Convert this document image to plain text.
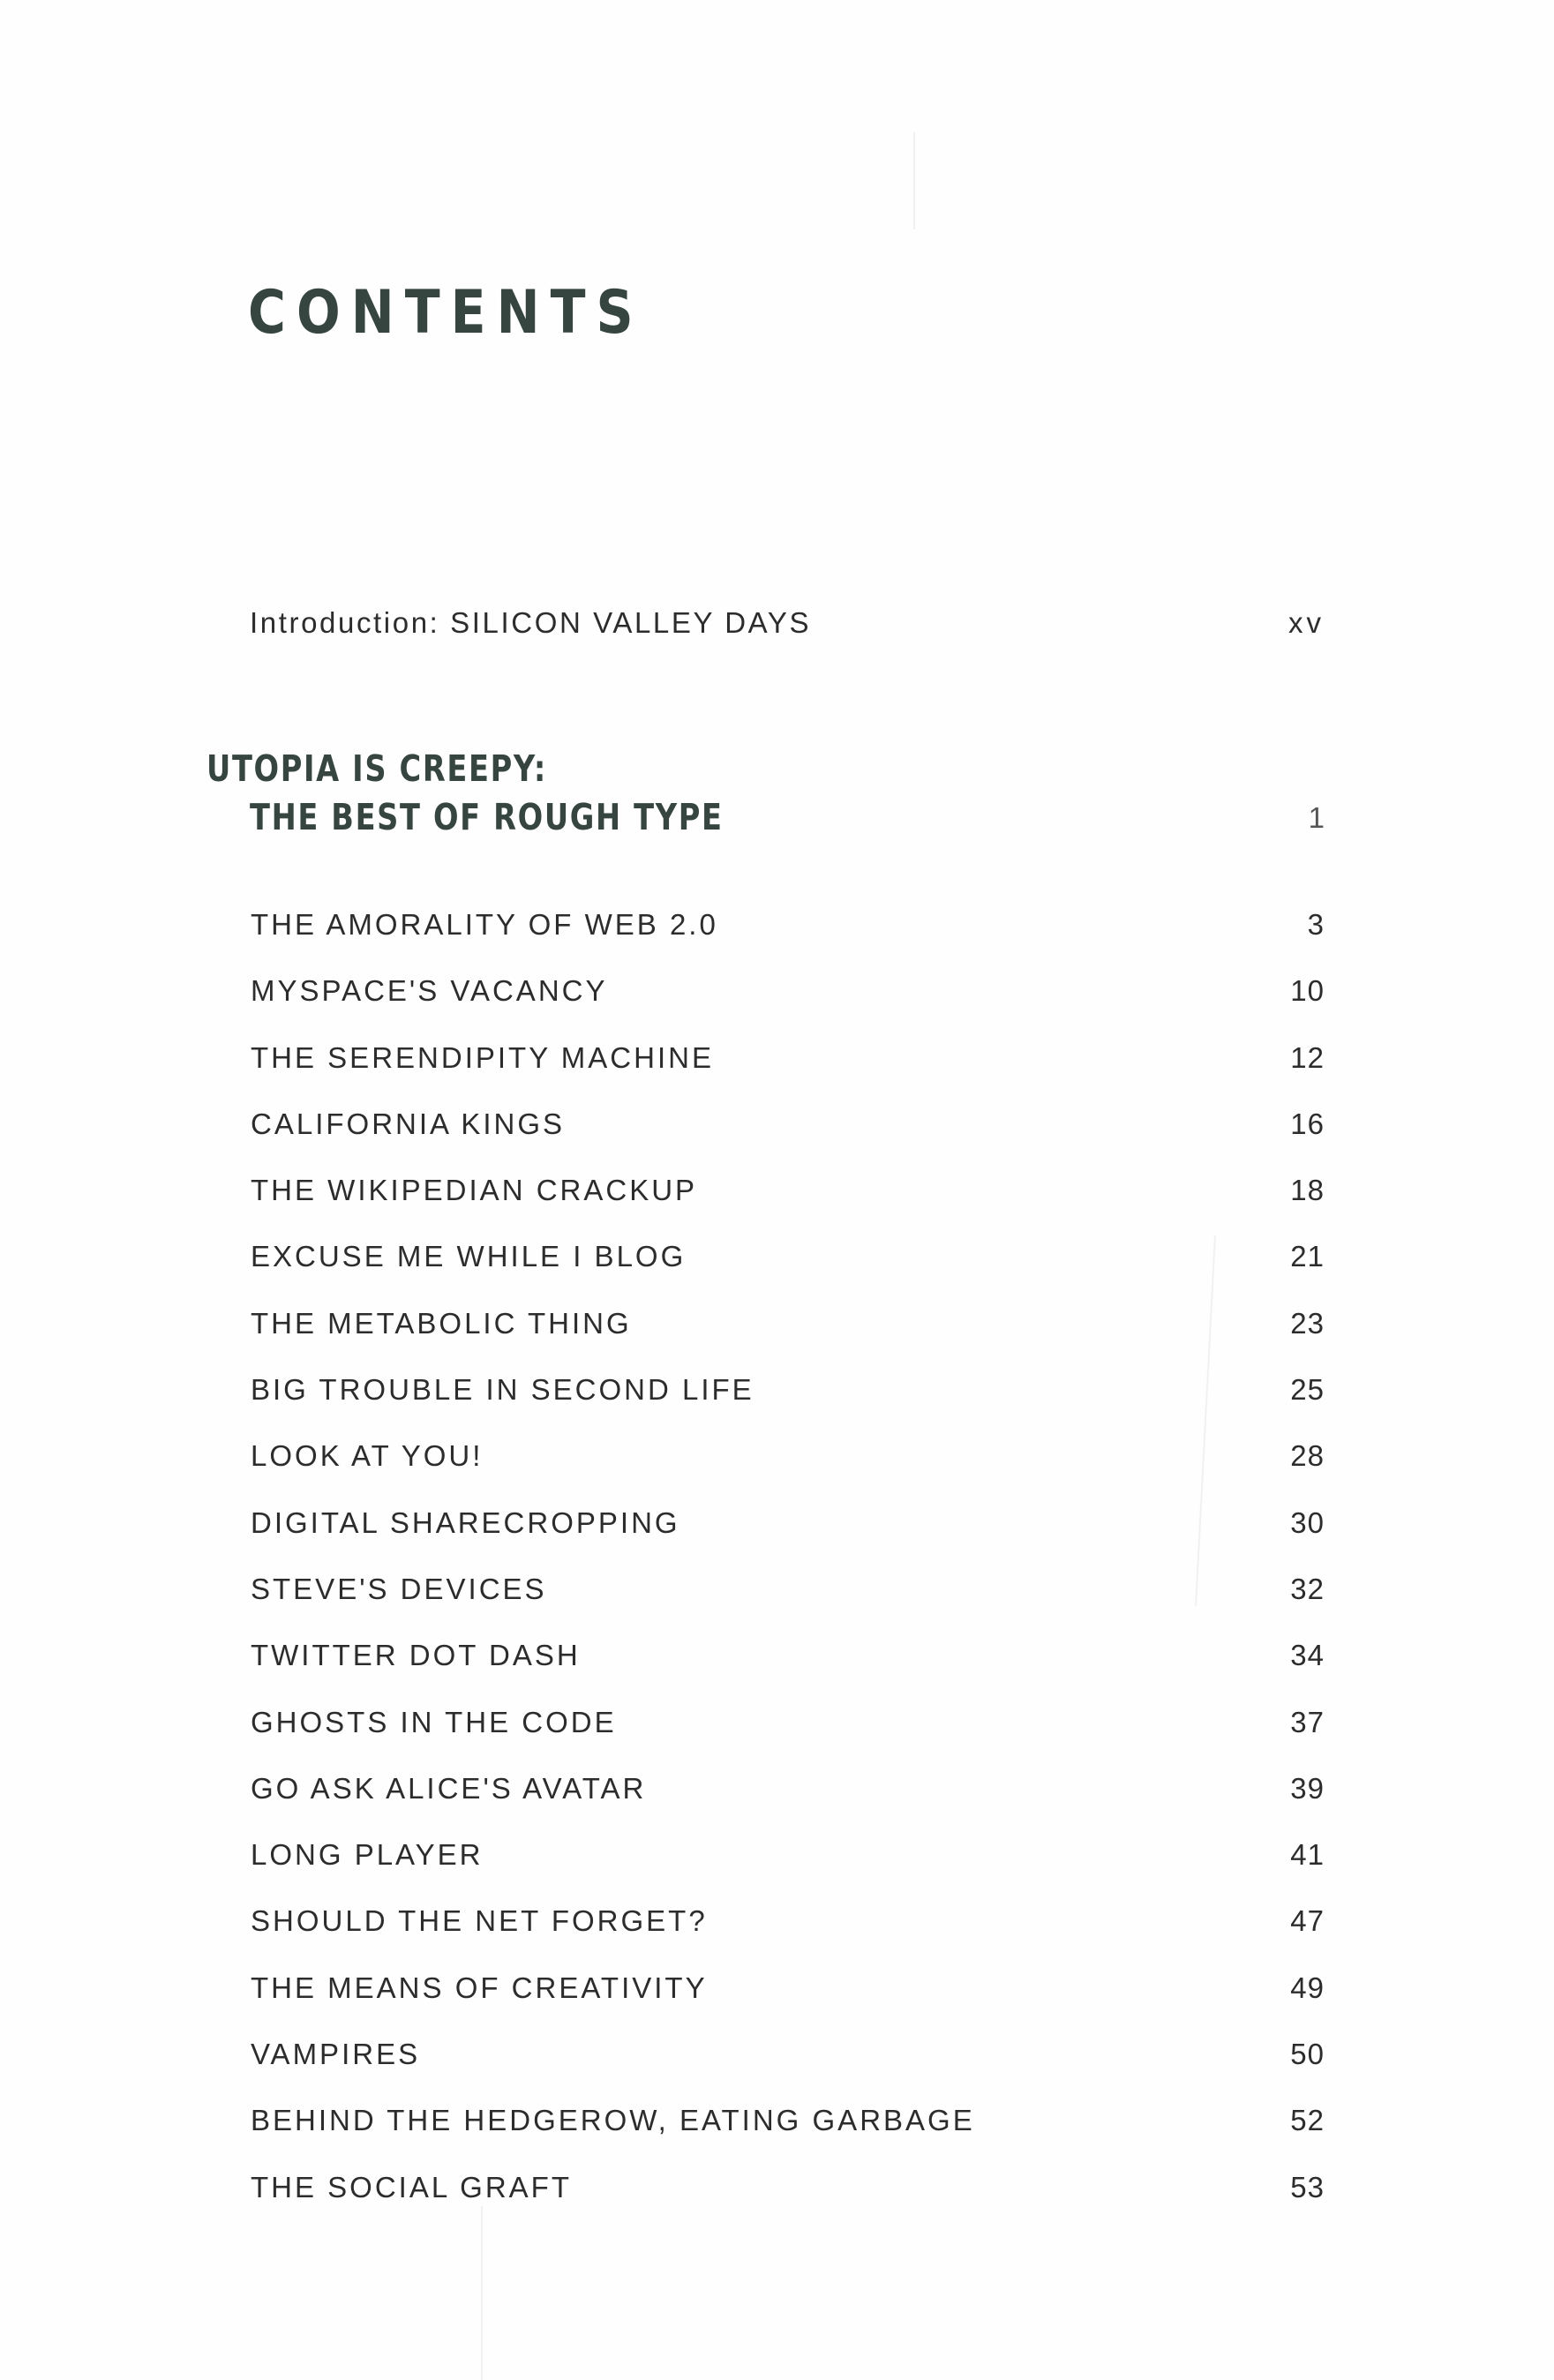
CONTENTS
Introduction: SILICON VALLEY DAYS	xv
UTOPIA IS CREEPY:
THE BEST OF ROUGH TYPE	1
THE AMORALITY OF WEB 2.0	3
MYSPACE'S VACANCY	10
THE SERENDIPITY MACHINE	12
CALIFORNIA KINGS	16
THE WIKIPEDIAN CRACKUP	18
EXCUSE ME WHILE I BLOG	21
THE METABOLIC THING	23
BIG TROUBLE IN SECOND LIFE	25
LOOK AT YOU!	28
DIGITAL SHARECROPPING	30
STEVE'S DEVICES	32
TWITTER DOT DASH	34
GHOSTS IN THE CODE	37
GO ASK ALICE'S AVATAR	39
LONG PLAYER	41
SHOULD THE NET FORGET?	47
THE MEANS OF CREATIVITY	49
VAMPIRES	50
BEHIND THE HEDGEROW, EATING GARBAGE	52
THE SOCIAL GRAFT	53
